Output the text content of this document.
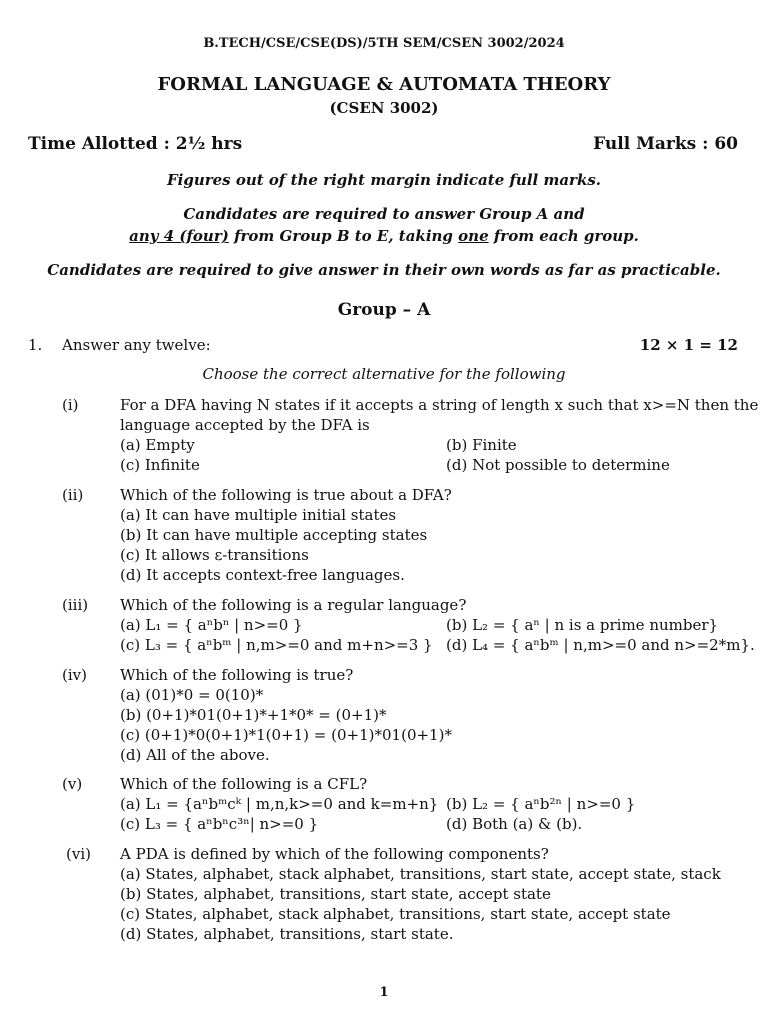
B.TECH/CSE/CSE(DS)/5TH SEM/CSEN 3002/2024
FORMAL LANGUAGE & AUTOMATA THEORY
(CSEN 3002)
Time Allotted : 2½ hrs	Full Marks : 60
Figures out of the right margin indicate full marks.
Candidates are required to answer Group A and
any 4 (four) from Group B to E, taking one from each group.
Candidates are required to give answer in their own words as far as practicable.
Group – A
1. Answer any twelve:	12 × 1 = 12
Choose the correct alternative for the following
(i)	For a DFA having N states if it accepts a string of length x such that x>=N then the
language accepted by the DFA is
(a) Empty	(b) Finite
(c) Infinite	(d) Not possible to determine
(ii) Which of the following is true about a DFA?
(a) It can have multiple initial states
(b) It can have multiple accepting states
(c) It allows ε-transitions
(d) It accepts context-free languages.
(iii) Which of the following is a regular language?
(a) L₁ = { aⁿbⁿ | n>=0 }	(b) L₂ = { aⁿ | n is a prime number}
(c) L₃ = { aⁿbᵐ | n,m>=0 and m+n>=3 } (d) L₄ = { aⁿbᵐ | n,m>=0 and n>=2*m}.
(iv) Which of the following is true?
(a) (01)*0 = 0(10)*
(b) (0+1)*01(0+1)*+1*0* = (0+1)*
(c) (0+1)*0(0+1)*1(0+1) = (0+1)*01(0+1)*
(d) All of the above.
(v)	Which of the following is a CFL?
(a) L₁ = {aⁿbᵐcᵏ | m,n,k>=0 and k=m+n} (b) L₂ = { aⁿb²ⁿ | n>=0 }
(c) L₃ = { aⁿbⁿc³ⁿ| n>=0 }	(d) Both (a) & (b).
(vi) A PDA is defined by which of the following components?
(a) States, alphabet, stack alphabet, transitions, start state, accept state, stack
(b) States, alphabet, transitions, start state, accept state
(c) States, alphabet, stack alphabet, transitions, start state, accept state
(d) States, alphabet, transitions, start state.
1
